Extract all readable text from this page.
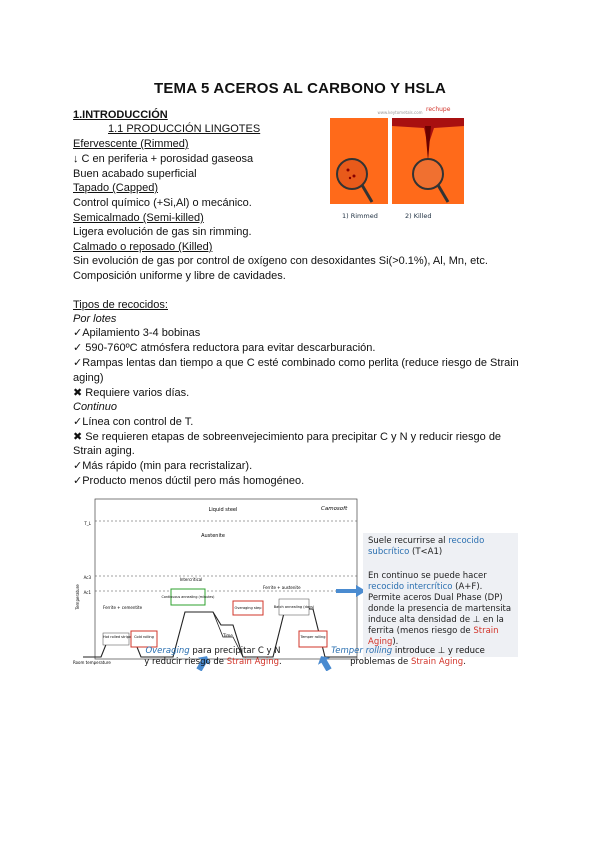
TEMA 5 ACEROS AL CARBONO Y HSLA
1.INTRODUCCIÓN
1.1 PRODUCCIÓN LINGOTES
Efervescente (Rimmed)
↓ C en periferia + porosidad gaseosa
Buen acabado superficial
Tapado (Capped)
Control químico (+Si,Al) o mecánico.
Semicalmado (Semi-killed)
Ligera evolución de gas sin rimming.
Calmado o reposado (Killed)
Sin evolución de gas por control de oxígeno con desoxidantes Si(>0.1%), Al, Mn, etc.
Composición uniforme y libre de cavidades.
www.keytometals.com rechupe
1) Rimmed	2) Killed
Tipos de recocidos:
Por lotes
✓Apilamiento 3-4 bobinas
✓ 590-760ºC atmósfera reductora para evitar descarburación.
✓Rampas lentas dan tiempo a que C esté combinado como perlita (reduce riesgo de Strain
aging)
✖ Requiere varios días.
Continuo
✓Línea con control de T.
✖ Se requieren etapas de sobreenvejecimiento para precipitar C y N y reducir riesgo de
Strain aging.
✓Más rápido (min para recristalizar).
✓Producto menos dúctil pero más homogéneo.
Liquid steel	Camosoft
T_L
Austenite
Ac3
Ac1
Intercritical
Ferrite + austenite
Ferrite + cementite
Temperature
Time
Room temperature
Hot rolled strip Cold rolling
Continuous annealing (minutes)
Overaging step	Batch annealing (days)
Temper rolling
Suele recurrirse al recocido subcrítico (T<A1)
En continuo se puede hacer recocido intercrítico (A+F). Permite aceros Dual Phase (DP) donde la presencia de martensita induce alta densidad de ⊥ en la ferrita (menos riesgo de Strain Aging).
Overaging para precipitar C y N
y reducir riesgo de Strain Aging.
Temper rolling introduce ⊥ y reduce
problemas de Strain Aging.
